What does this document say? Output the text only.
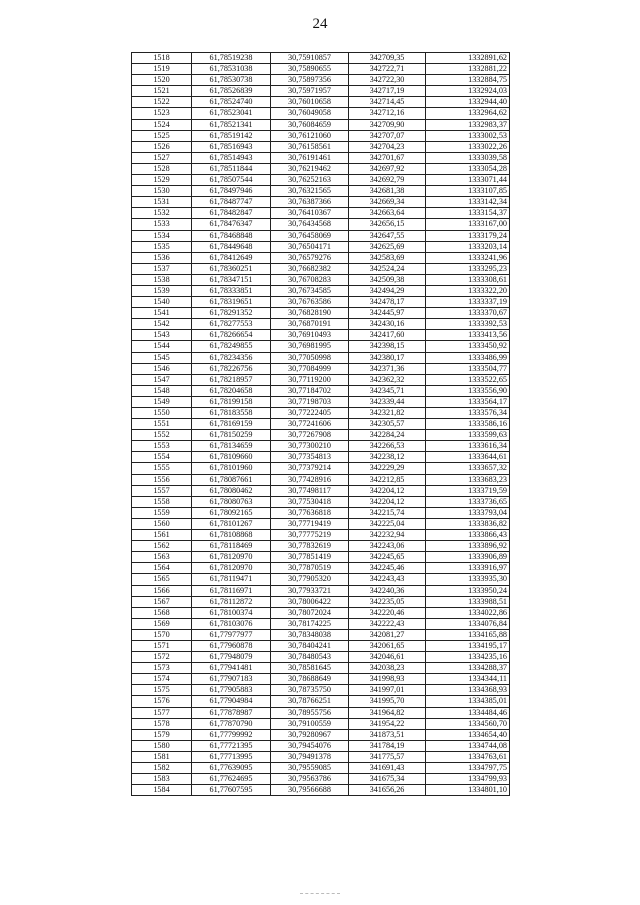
24
1518	61,78519238	30,75910857	342709,35	1332891,62
1519	61,78531038	30,75890655	342722,71	1332881,22
1520	61,78530738	30,75897356	342722,30	1332884,75
1521	61,78526839	30,75971957	342717,19	1332924,03
1522	61,78524740	30,76010658	342714,45	1332944,40
1523	61,78523041	30,76049058	342712,16	1332964,62
1524	61,78521341	30,76084659	342709,90	1332983,37
1525	61,78519142	30,76121060	342707,07	1333002,53
1526	61,78516943	30,76158561	342704,23	1333022,26
1527	61,78514943	30,76191461	342701,67	1333039,58
1528	61,78511844	30,76219462	342697,92	1333054,28
1529	61,78507544	30,76252163	342692,79	1333071,44
1530	61,78497946	30,76321565	342681,38	1333107,85
1531	61,78487747	30,76387366	342669,34	1333142,34
1532	61,78482847	30,76410367	342663,64	1333154,37
1533	61,78476347	30,76434568	342656,15	1333167,00
1534	61,78468848	30,76458069	342647,55	1333179,24
1535	61,78449648	30,76504171	342625,69	1333203,14
1536	61,78412649	30,76579276	342583,69	1333241,96
1537	61,78360251	30,76682382	342524,24	1333295,23
1538	61,78347151	30,76708283	342509,38	1333308,61
1539	61,78333851	30,76734585	342494,29	1333322,20
1540	61,78319651	30,76763586	342478,17	1333337,19
1541	61,78291352	30,76828190	342445,97	1333370,67
1542	61,78277553	30,76870191	342430,16	1333392,53
1543	61,78266654	30,76910493	342417,60	1333413,56
1544	61,78249855	30,76981995	342398,15	1333450,92
1545	61,78234356	30,77050998	342380,17	1333486,99
1546	61,78226756	30,77084999	342371,36	1333504,77
1547	61,78218957	30,77119200	342362,32	1333522,65
1548	61,78204658	30,77184702	342345,71	1333556,90
1549	61,78199158	30,77198703	342339,44	1333564,17
1550	61,78183558	30,77222405	342321,82	1333576,34
1551	61,78169159	30,77241606	342305,57	1333586,16
1552	61,78150259	30,77267908	342284,24	1333599,63
1553	61,78134659	30,77300210	342266,53	1333616,34
1554	61,78109660	30,77354813	342238,12	1333644,61
1555	61,78101960	30,77379214	342229,29	1333657,32
1556	61,78087661	30,77428916	342212,85	1333683,23
1557	61,78080462	30,77498117	342204,12	1333719,59
1558	61,78080763	30,77530418	342204,12	1333736,65
1559	61,78092165	30,77636818	342215,74	1333793,04
1560	61,78101267	30,77719419	342225,04	1333836,82
1561	61,78108868	30,77775219	342232,94	1333866,43
1562	61,78118469	30,77832619	342243,06	1333896,92
1563	61,78120970	30,77851419	342245,65	1333906,89
1564	61,78120970	30,77870519	342245,46	1333916,97
1565	61,78119471	30,77905320	342243,43	1333935,30
1566	61,78116971	30,77933721	342240,36	1333950,24
1567	61,78112872	30,78006422	342235,05	1333988,51
1568	61,78100374	30,78072024	342220,46	1334022,86
1569	61,78103076	30,78174225	342222,43	1334076,84
1570	61,77977977	30,78348038	342081,27	1334165,88
1571	61,77960878	30,78404241	342061,65	1334195,17
1572	61,77948079	30,78480543	342046,61	1334235,16
1573	61,77941481	30,78581645	342038,23	1334288,37
1574	61,77907183	30,78688649	341998,93	1334344,11
1575	61,77905883	30,78735750	341997,01	1334368,93
1576	61,77904984	30,78766251	341995,70	1334385,01
1577	61,77878987	30,78955756	341964,82	1334484,46
1578	61,77870790	30,79100559	341954,22	1334560,70
1579	61,77799992	30,79280967	341873,51	1334654,40
1580	61,77721395	30,79454076	341784,19	1334744,08
1581	61,77713995	30,79491378	341775,57	1334763,61
1582	61,77639095	30,79559085	341691,43	1334797,75
1583	61,77624695	30,79563786	341675,34	1334799,93
1584	61,77607595	30,79566688	341656,26	1334801,10
